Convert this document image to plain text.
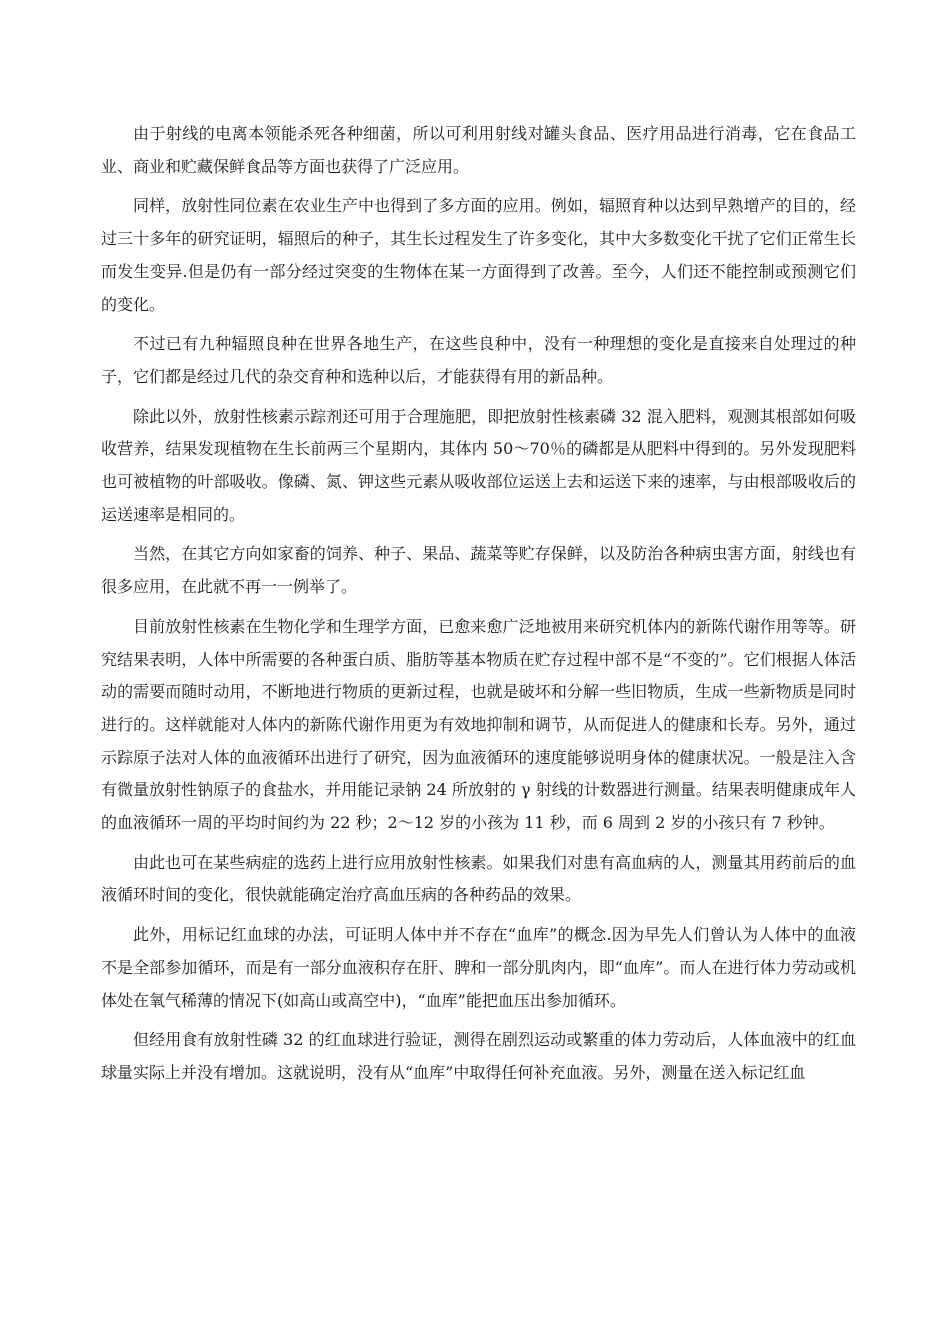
由于射线的电离本领能杀死各种细菌，所以可利用射线对罐头食品、医疗用品进行消毒，它在食品工业、商业和贮藏保鲜食品等方面也获得了广泛应用。

同样，放射性同位素在农业生产中也得到了多方面的应用。例如，辐照育种以达到早熟增产的目的，经过三十多年的研究证明，辐照后的种子，其生长过程发生了许多变化，其中大多数变化干扰了它们正常生长而发生变异.但是仍有一部分经过突变的生物体在某一方面得到了改善。至今，人们还不能控制或预测它们的变化。

不过已有九种辐照良种在世界各地生产，在这些良种中，没有一种理想的变化是直接来自处理过的种子，它们都是经过几代的杂交育种和选种以后，才能获得有用的新品种。

除此以外，放射性核素示踪剂还可用于合理施肥，即把放射性核素磷 32 混入肥料，观测其根部如何吸收营养，结果发现植物在生长前两三个星期内，其体内 50～70％的磷都是从肥料中得到的。另外发现肥料也可被植物的叶部吸收。像磷、氮、钾这些元素从吸收部位运送上去和运送下来的速率，与由根部吸收后的运送速率是相同的。

当然，在其它方向如家畜的饲养、种子、果品、蔬菜等贮存保鲜，以及防治各种病虫害方面，射线也有很多应用，在此就不再一一例举了。

目前放射性核素在生物化学和生理学方面，已愈来愈广泛地被用来研究机体内的新陈代谢作用等等。研究结果表明，人体中所需要的各种蛋白质、脂肪等基本物质在贮存过程中部不是“不变的”。它们根据人体活动的需要而随时动用，不断地进行物质的更新过程，也就是破坏和分解一些旧物质，生成一些新物质是同时进行的。这样就能对人体内的新陈代谢作用更为有效地抑制和调节，从而促进人的健康和长寿。另外，通过示踪原子法对人体的血液循环出进行了研究，因为血液循环的速度能够说明身体的健康状况。一般是注入含有微量放射性钠原子的食盐水，并用能记录钠 24 所放射的 γ 射线的计数器进行测量。结果表明健康成年人的血液循环一周的平均时间约为 22 秒；2～12 岁的小孩为 11 秒，而 6 周到 2 岁的小孩只有 7 秒钟。

由此也可在某些病症的选药上进行应用放射性核素。如果我们对患有高血病的人，测量其用药前后的血液循环时间的变化，很快就能确定治疗高血压病的各种药品的效果。

此外，用标记红血球的办法，可证明人体中并不存在“血库”的概念.因为早先人们曾认为人体中的血液不是全部参加循环，而是有一部分血液积存在肝、脾和一部分肌肉内，即“血库”。而人在进行体力劳动或机体处在氧气稀薄的情况下(如高山或高空中)，“血库”能把血压出参加循环。

但经用食有放射性磷 32 的红血球进行验证，测得在剧烈运动或繁重的体力劳动后，人体血液中的红血球量实际上并没有增加。这就说明，没有从“血库”中取得任何补充血液。另外，测量在送入标记红血
